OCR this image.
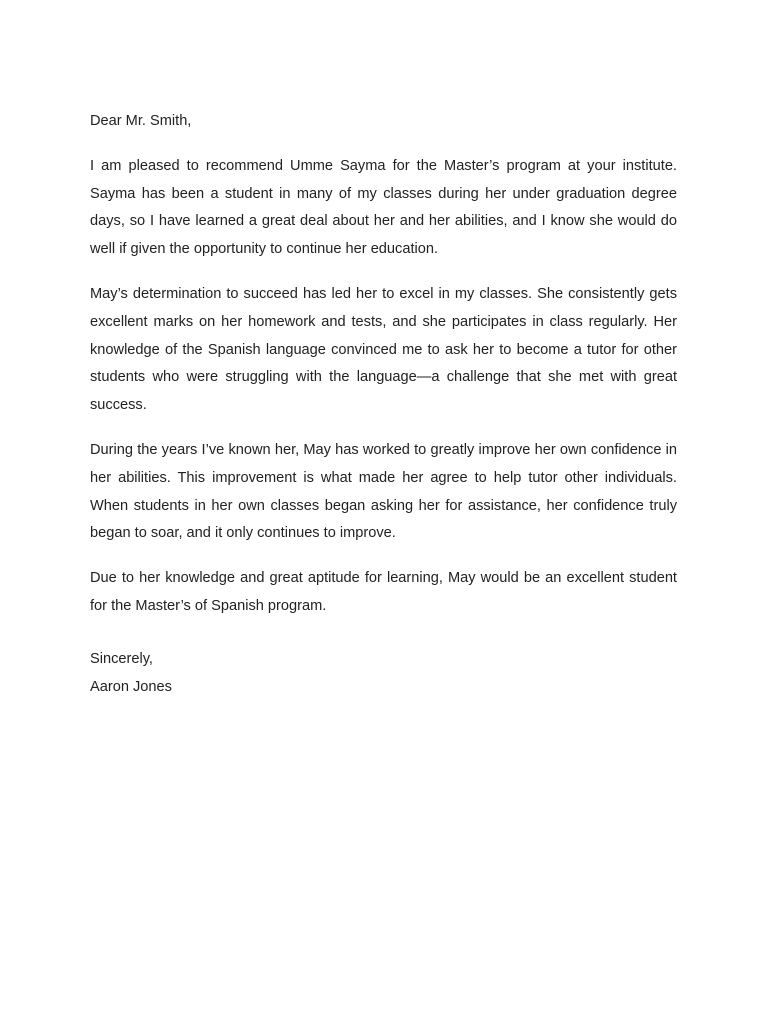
Dear Mr. Smith,

I am pleased to recommend Umme Sayma for the Master’s program at your institute. Sayma has been a student in many of my classes during her under graduation degree days, so I have learned a great deal about her and her abilities, and I know she would do well if given the opportunity to continue her education.

May’s determination to succeed has led her to excel in my classes. She consistently gets excellent marks on her homework and tests, and she participates in class regularly. Her knowledge of the Spanish language convinced me to ask her to become a tutor for other students who were struggling with the language—a challenge that she met with great success.

During the years I’ve known her, May has worked to greatly improve her own confidence in her abilities. This improvement is what made her agree to help tutor other individuals. When students in her own classes began asking her for assistance, her confidence truly began to soar, and it only continues to improve.

Due to her knowledge and great aptitude for learning, May would be an excellent student for the Master’s of Spanish program.

Sincerely,
Aaron Jones
